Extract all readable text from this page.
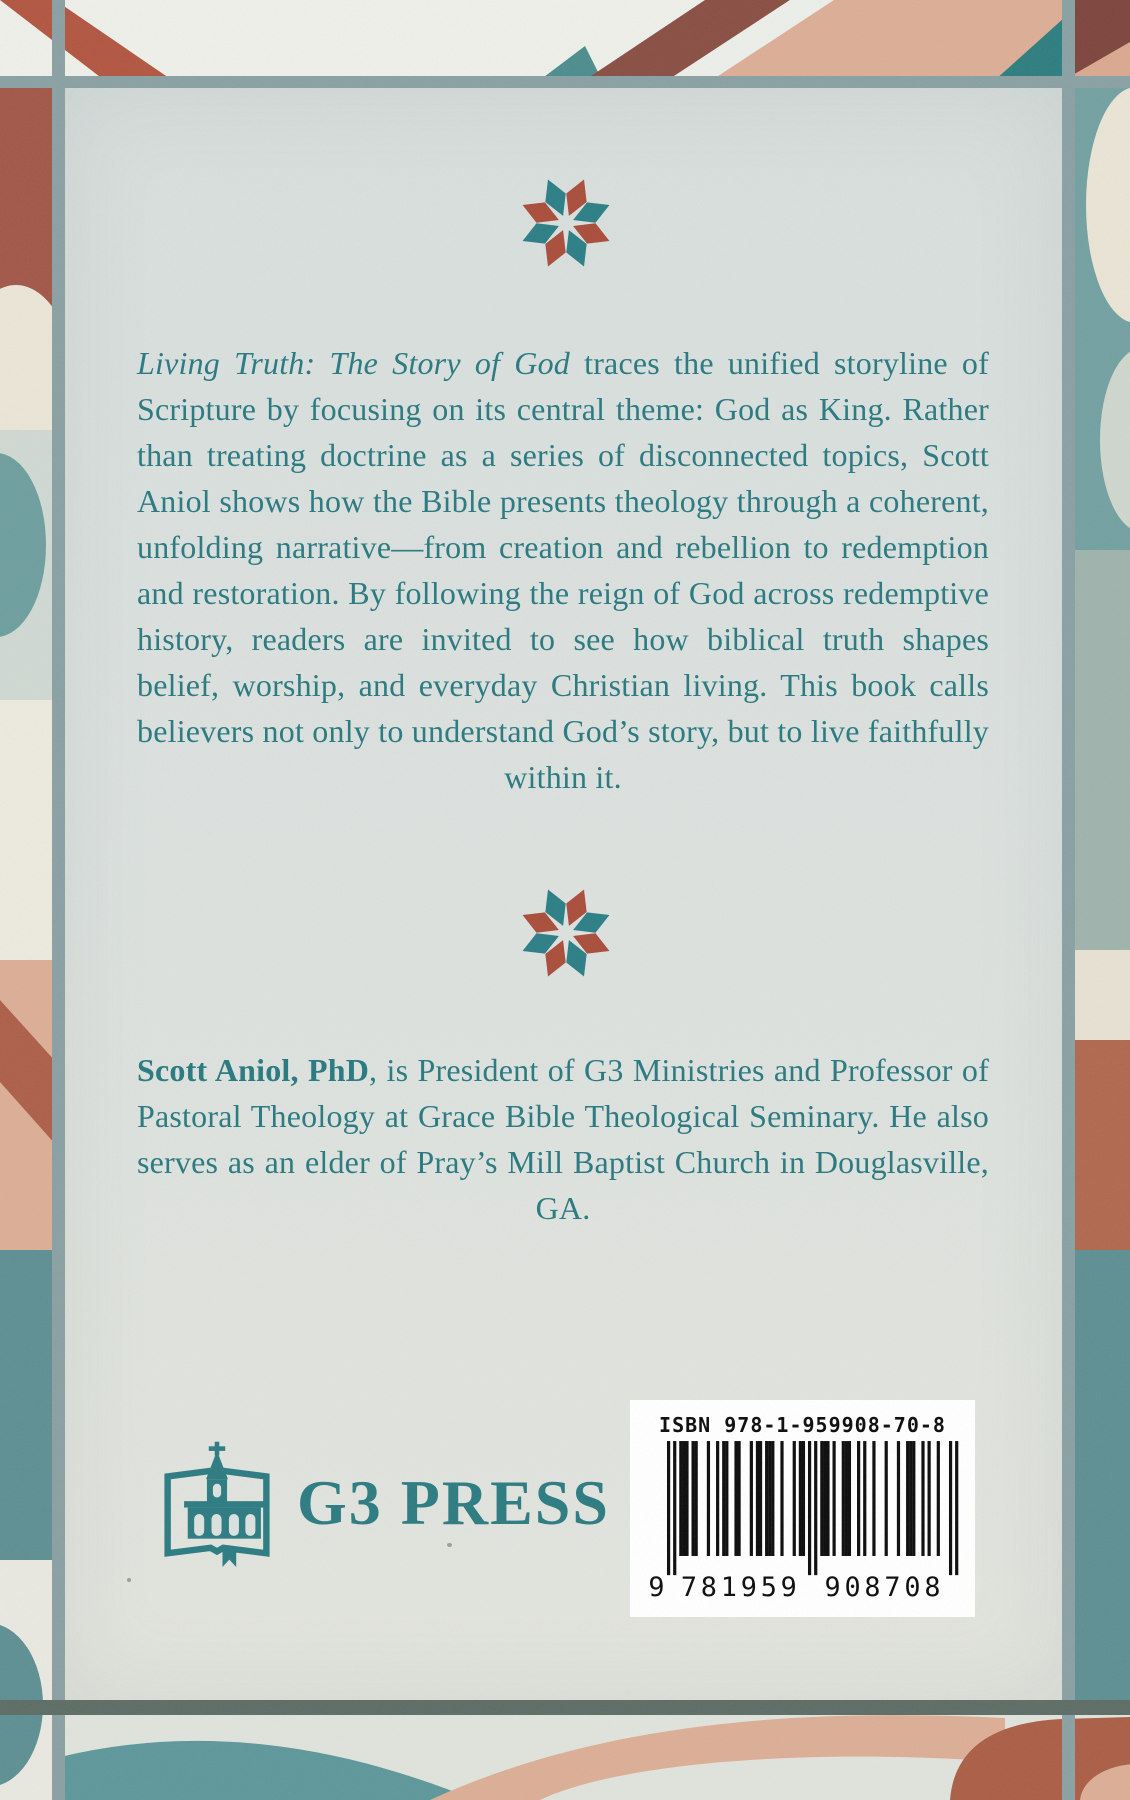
Living Truth: The Story of God traces the unified storyline of Scripture by focusing on its central theme: God as King. Rather than treating doctrine as a series of disconnected topics, Scott Aniol shows how the Bible presents theology through a coherent, unfolding narrative—from creation and rebellion to redemption and restoration. By following the reign of God across redemptive history, readers are invited to see how biblical truth shapes belief, worship, and everyday Christian living. This book calls believers not only to understand God’s story, but to live faithfully within it.

Scott Aniol, PhD, is President of G3 Ministries and Professor of Pastoral Theology at Grace Bible Theological Seminary. He also serves as an elder of Pray’s Mill Baptist Church in Douglasville, GA.

G3 PRESS
ISBN 978-1-959908-70-8
9 781959 908708
